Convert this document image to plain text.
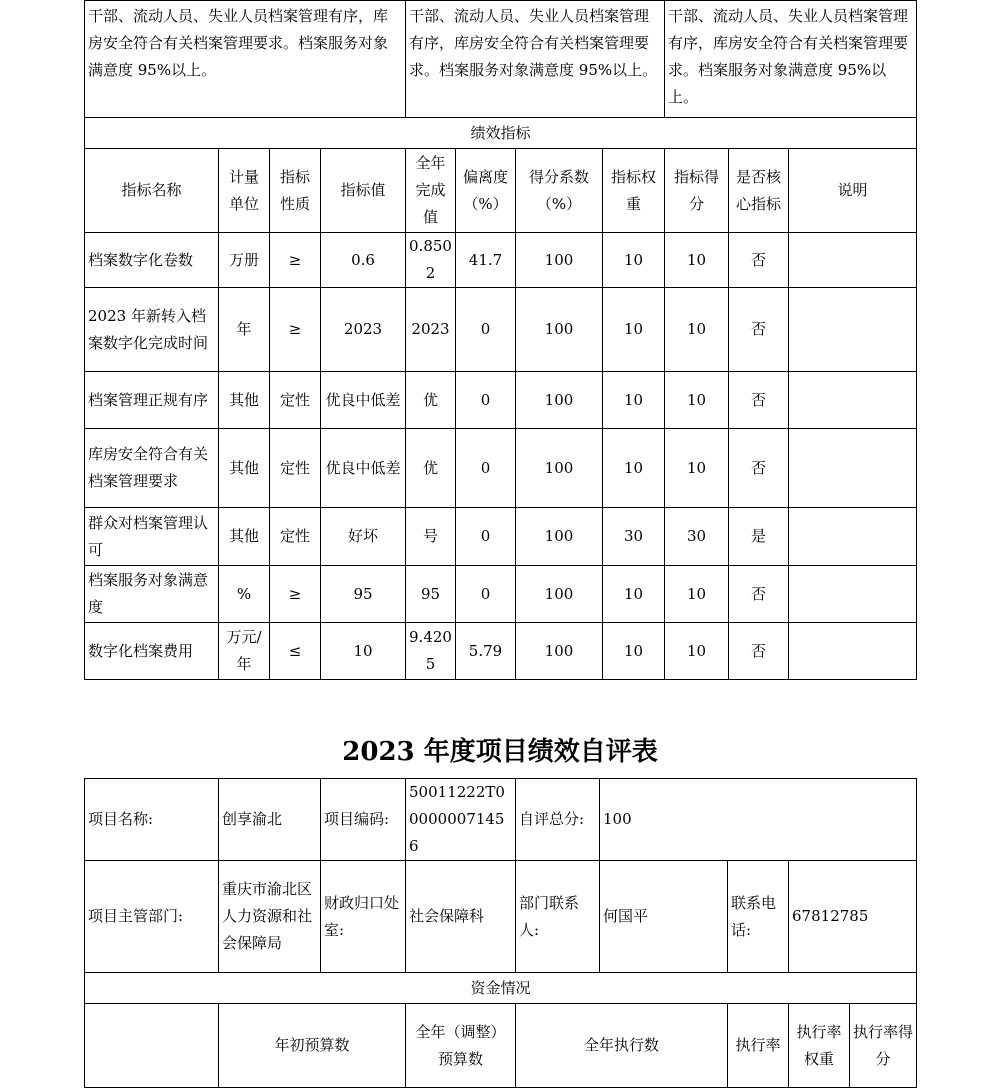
干部、流动人员、失业人员档案管理有序，库房安全符合有关档案管理要求。档案服务对象满意度 95%以上。				干部、流动人员、失业人员档案管理有序，库房安全符合有关档案管理要求。档案服务对象满意度 95%以上。				干部、流动人员、失业人员档案管理有序，库房安全符合有关档案管理要求。档案服务对象满意度 95%以上。		
绩效指标										
指标名称	计量单位	指标性质	指标值	全年完成值	偏离度（%）	得分系数（%）	指标权重	指标得分	是否核心指标	说明
档案数字化卷数	万册	≥	0.6	0.8502	41.7	100	10	10	否	
2023 年新转入档案数字化完成时间	年	≥	2023	2023	0	100	10	10	否	
档案管理正规有序	其他	定性	优良中低差	优	0	100	10	10	否	
库房安全符合有关档案管理要求	其他	定性	优良中低差	优	0	100	10	10	否	
群众对档案管理认可	其他	定性	好坏	号	0	100	30	30	是	
档案服务对象满意度	%	≥	95	95	0	100	10	10	否	
数字化档案费用	万元/年	≤	10	9.4205	5.79	100	10	10	否	
2023 年度项目绩效自评表
项目名称:	创享渝北	项目编码:	50011222T000000071456	自评总分:	100			
项目主管部门:	重庆市渝北区人力资源和社会保障局	财政归口处室:	社会保障科	部门联系人:	何国平	联系电话:	67812785	
资金情况								
	年初预算数		全年（调整）预算数	全年执行数		执行率	执行率权重	执行率得分
